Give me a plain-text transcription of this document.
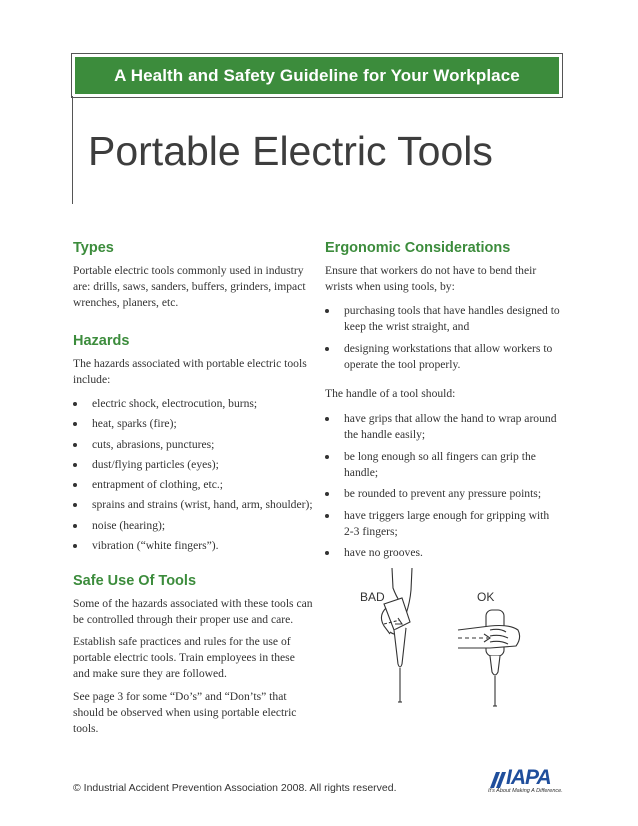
A Health and Safety Guideline for Your Workplace
Portable Electric Tools
Types
Portable electric tools commonly used in industry are: drills, saws, sanders, buffers, grinders, impact wrenches, planers, etc.
Hazards
The hazards associated with portable electric tools include:
electric shock, electrocution, burns;
heat, sparks (fire);
cuts, abrasions, punctures;
dust/flying particles (eyes);
entrapment of clothing, etc.;
sprains and strains (wrist, hand, arm, shoulder);
noise (hearing);
vibration (“white fingers”).
Safe Use Of Tools
Some of the hazards associated with these tools can be controlled through their proper use and care.
Establish safe practices and rules for the use of portable electric tools. Train employees in these and make sure they are followed.
See page 3 for some “Do’s” and “Don’ts” that should be observed when using portable electric tools.
Ergonomic Considerations
Ensure that workers do not have to bend their wrists when using tools, by:
purchasing tools that have handles designed to keep the wrist straight, and
designing workstations that allow workers to operate the tool properly.
The handle of a tool should:
have grips that allow the hand to wrap around the handle easily;
be long enough so all fingers can grip the handle;
be rounded to prevent any pressure points;
have triggers large enough for gripping with 2-3 fingers;
have no grooves.
BAD	OK
© Industrial Accident Prevention Association 2008. All rights reserved.	IAPA
It's About Making A Difference.
